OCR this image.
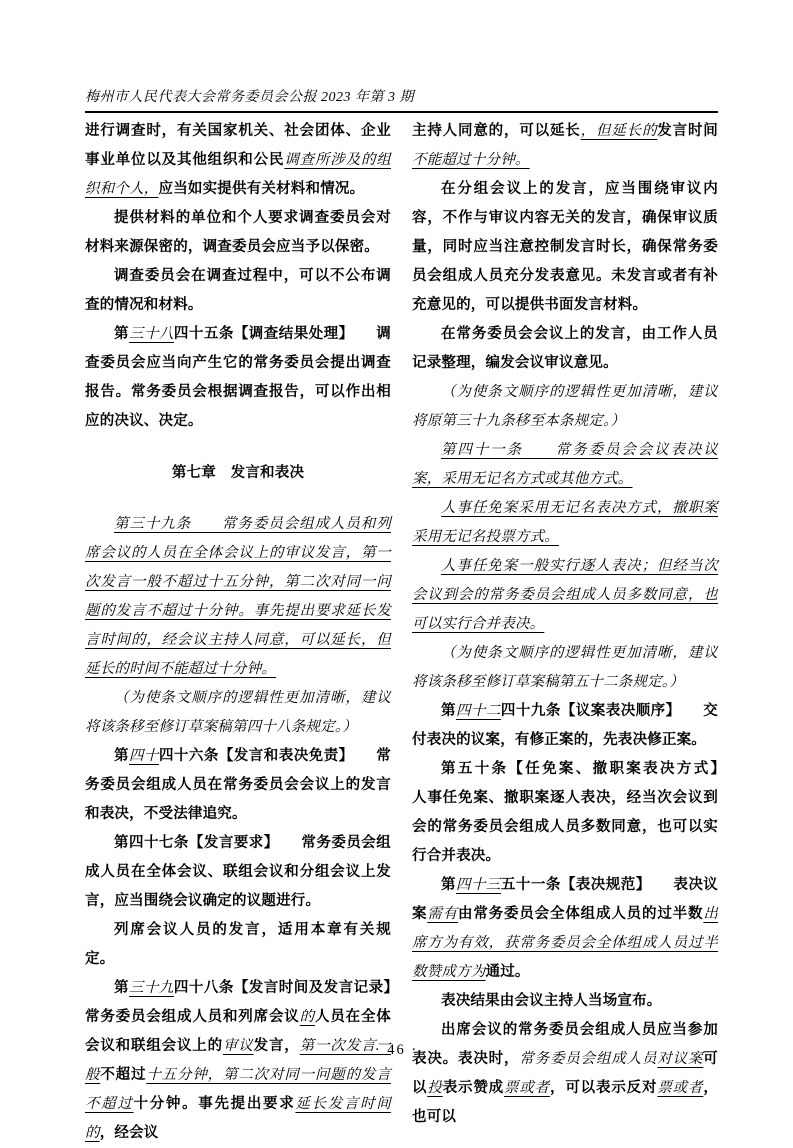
梅州市人民代表大会常务委员会公报 2023 年第 3 期

进行调查时，有关国家机关、社会团体、企业事业单位以及其他组织和公民调查所涉及的组织和个人，应当如实提供有关材料和情况。

提供材料的单位和个人要求调查委员会对材料来源保密的，调查委员会应当予以保密。

调查委员会在调查过程中，可以不公布调查的情况和材料。

第三十八四十五条【调查结果处理】　　调查委员会应当向产生它的常务委员会提出调查报告。常务委员会根据调查报告，可以作出相应的决议、决定。

第七章　发言和表决

第三十九条　　常务委员会组成人员和列席会议的人员在全体会议上的审议发言，第一次发言一般不超过十五分钟，第二次对同一问题的发言不超过十分钟。事先提出要求延长发言时间的，经会议主持人同意，可以延长，但延长的时间不能超过十分钟。

（为使条文顺序的逻辑性更加清晰，建议将该条移至修订草案稿第四十八条规定。）

第四十四十六条【发言和表决免责】　　常务委员会组成人员在常务委员会会议上的发言和表决，不受法律追究。

第四十七条【发言要求】　　常务委员会组成人员在全体会议、联组会议和分组会议上发言，应当围绕会议确定的议题进行。

列席会议人员的发言，适用本章有关规定。

第三十九四十八条【发言时间及发言记录】常务委员会组成人员和列席会议的人员在全体会议和联组会议上的审议发言，第一次发言一般不超过十五分钟，第二次对同一问题的发言不超过十分钟。事先提出要求延长发言时间的，经会议

主持人同意的，可以延长，但延长的发言时间不能超过十分钟。

在分组会议上的发言，应当围绕审议内容，不作与审议内容无关的发言，确保审议质量，同时应当注意控制发言时长，确保常务委员会组成人员充分发表意见。未发言或者有补充意见的，可以提供书面发言材料。

在常务委员会会议上的发言，由工作人员记录整理，编发会议审议意见。

（为使条文顺序的逻辑性更加清晰，建议将原第三十九条移至本条规定。）

第四十一条　　常务委员会会议表决议案，采用无记名方式或其他方式。

人事任免案采用无记名表决方式，撤职案采用无记名投票方式。

人事任免案一般实行逐人表决；但经当次会议到会的常务委员会组成人员多数同意，也可以实行合并表决。

（为使条文顺序的逻辑性更加清晰，建议将该条移至修订草案稿第五十二条规定。）

第四十二四十九条【议案表决顺序】　　交付表决的议案，有修正案的，先表决修正案。

第五十条【任免案、撤职案表决方式】　　人事任免案、撤职案逐人表决，经当次会议到会的常务委员会组成人员多数同意，也可以实行合并表决。

第四十三五十一条【表决规范】　　表决议案需有由常务委员会全体组成人员的过半数出席方为有效，获常务委员会全体组成人员过半数赞成方为通过。

表决结果由会议主持人当场宣布。

出席会议的常务委员会组成人员应当参加表决。表决时，常务委员会组成人员对议案可以投表示赞成票或者，可以表示反对票或者，也可以

· 46 ·
